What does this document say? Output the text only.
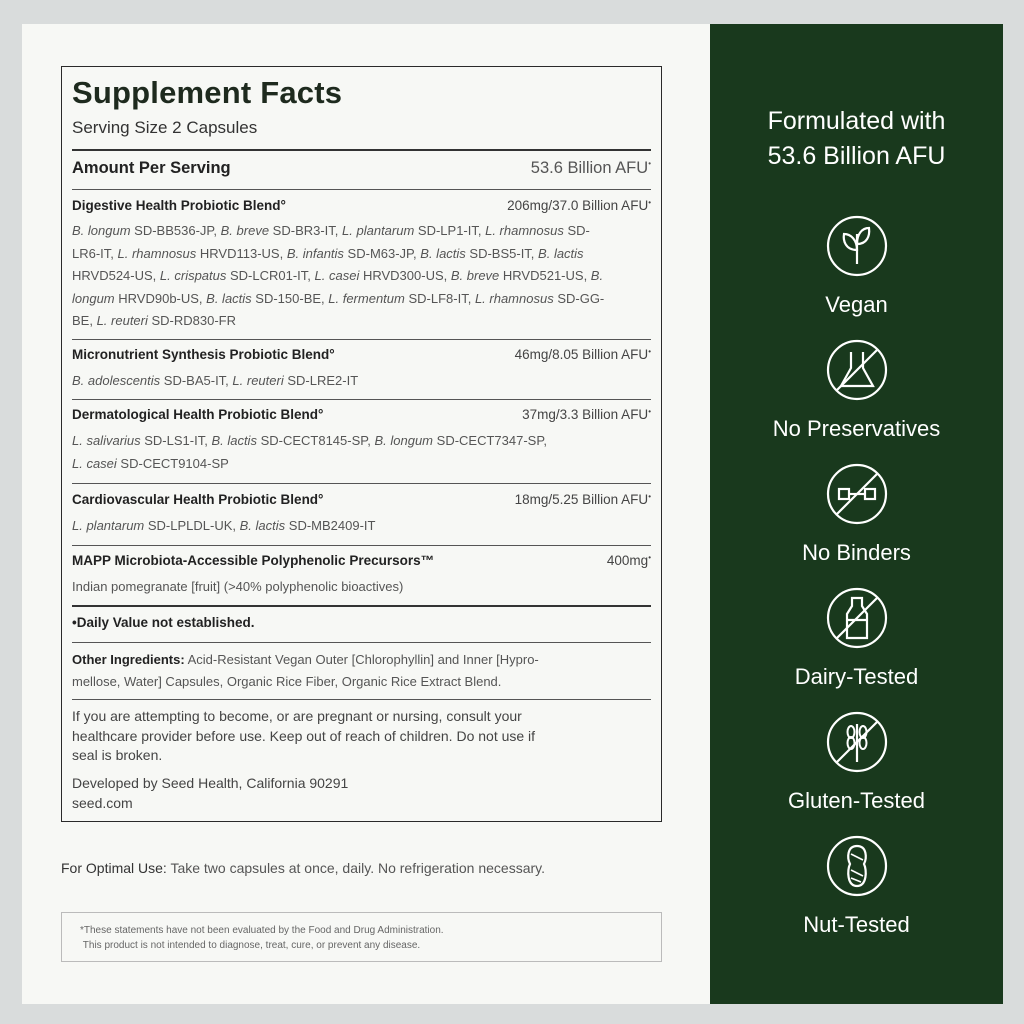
Supplement Facts
Serving Size 2 Capsules
Amount Per Serving	53.6 Billion AFU•
Digestive Health Probiotic Blend°	206mg/37.0 Billion AFU•
B. longum SD-BB536-JP, B. breve SD-BR3-IT, L. plantarum SD-LP1-IT, L. rhamnosus SD-
LR6-IT, L. rhamnosus HRVD113-US, B. infantis SD-M63-JP, B. lactis SD-BS5-IT, B. lactis
HRVD524-US, L. crispatus SD-LCR01-IT, L. casei HRVD300-US, B. breve HRVD521-US, B.
longum HRVD90b-US, B. lactis SD-150-BE, L. fermentum SD-LF8-IT, L. rhamnosus SD-GG-
BE, L. reuteri SD-RD830-FR
Micronutrient Synthesis Probiotic Blend°	46mg/8.05 Billion AFU•
B. adolescentis SD-BA5-IT, L. reuteri SD-LRE2-IT
Dermatological Health Probiotic Blend°	37mg/3.3 Billion AFU•
L. salivarius SD-LS1-IT, B. lactis SD-CECT8145-SP, B. longum SD-CECT7347-SP,
L. casei SD-CECT9104-SP
Cardiovascular Health Probiotic Blend°	18mg/5.25 Billion AFU•
L. plantarum SD-LPLDL-UK, B. lactis SD-MB2409-IT
MAPP Microbiota-Accessible Polyphenolic Precursors™	400mg•
Indian pomegranate [fruit] (>40% polyphenolic bioactives)
•Daily Value not established.
Other Ingredients: Acid-Resistant Vegan Outer [Chlorophyllin] and Inner [Hypro-
mellose, Water] Capsules, Organic Rice Fiber, Organic Rice Extract Blend.
If you are attempting to become, or are pregnant or nursing, consult your
healthcare provider before use. Keep out of reach of children. Do not use if
seal is broken.
Developed by Seed Health, California 90291
seed.com
For Optimal Use: Take two capsules at once, daily. No refrigeration necessary.
*These statements have not been evaluated by the Food and Drug Administration.
This product is not intended to diagnose, treat, cure, or prevent any disease.
Formulated with
53.6 Billion AFU
Vegan
No Preservatives
No Binders
Dairy-Tested
Gluten-Tested
Nut-Tested
